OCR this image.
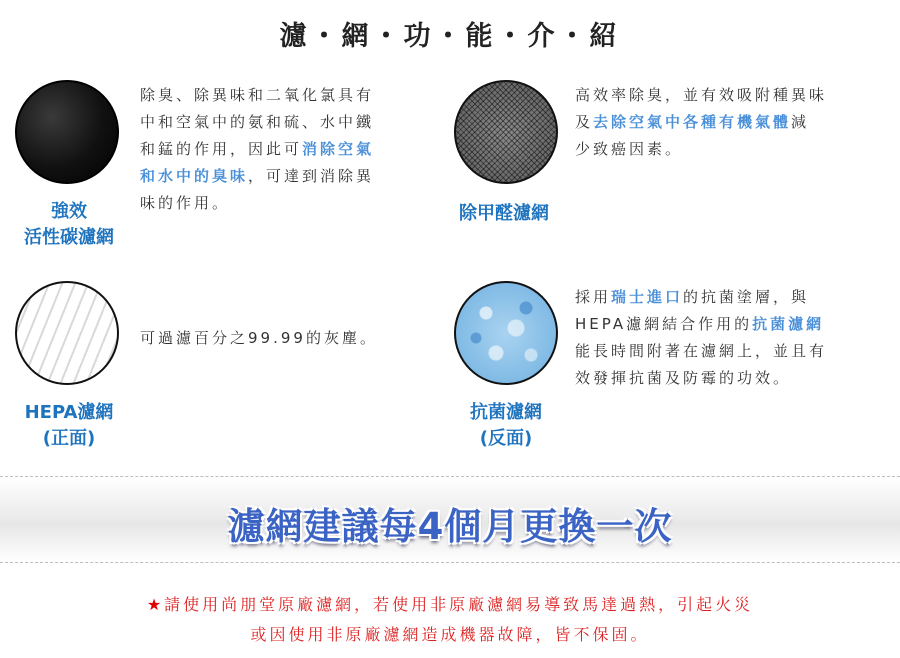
濾・網・功・能・介・紹
強效
活性碳濾網
除臭、除異味和二氧化氯具有
中和空氣中的氨和硫、水中鐵
和錳的作用，因此可消除空氣
和水中的臭味，可達到消除異
味的作用。	除甲醛濾網
高效率除臭，並有效吸附種異味
及去除空氣中各種有機氣體減
少致癌因素。
HEPA濾網
(正面)
可過濾百分之99.99的灰塵。
抗菌濾網
(反面)
採用瑞士進口的抗菌塗層，與
HEPA濾網結合作用的抗菌濾網
能長時間附著在濾網上，並且有
效發揮抗菌及防霉的功效。
濾網建議每4個月更換一次
★請使用尚朋堂原廠濾網，若使用非原廠濾網易導致馬達過熱，引起火災
或因使用非原廠濾網造成機器故障，皆不保固。
